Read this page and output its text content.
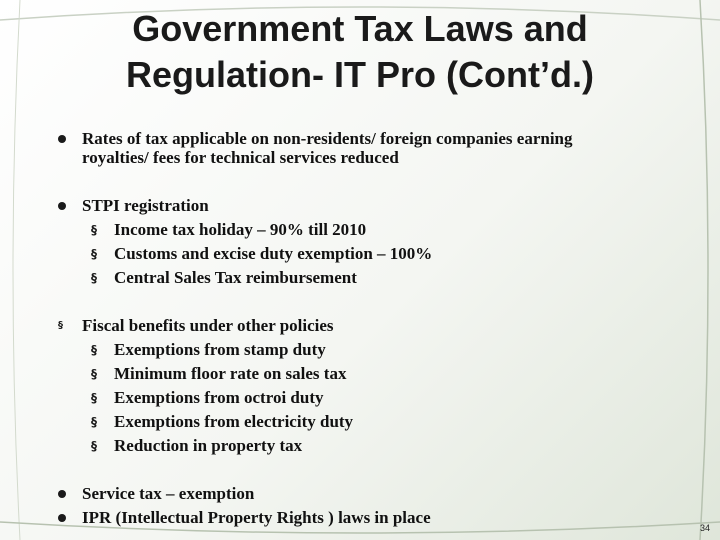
Government Tax Laws and
Regulation- IT Pro (Cont’d.)
Rates of tax applicable on non-residents/ foreign companies earning
royalties/ fees for technical services reduced
STPI registration
§ Income tax holiday – 90% till 2010
§ Customs and excise duty exemption – 100%
§ Central Sales Tax reimbursement
§ Fiscal benefits under other policies
§ Exemptions from stamp duty
§ Minimum floor rate on sales tax
§ Exemptions from octroi duty
§ Exemptions from electricity duty
§ Reduction in property tax
Service tax – exemption
IPR (Intellectual Property Rights ) laws in place
34
